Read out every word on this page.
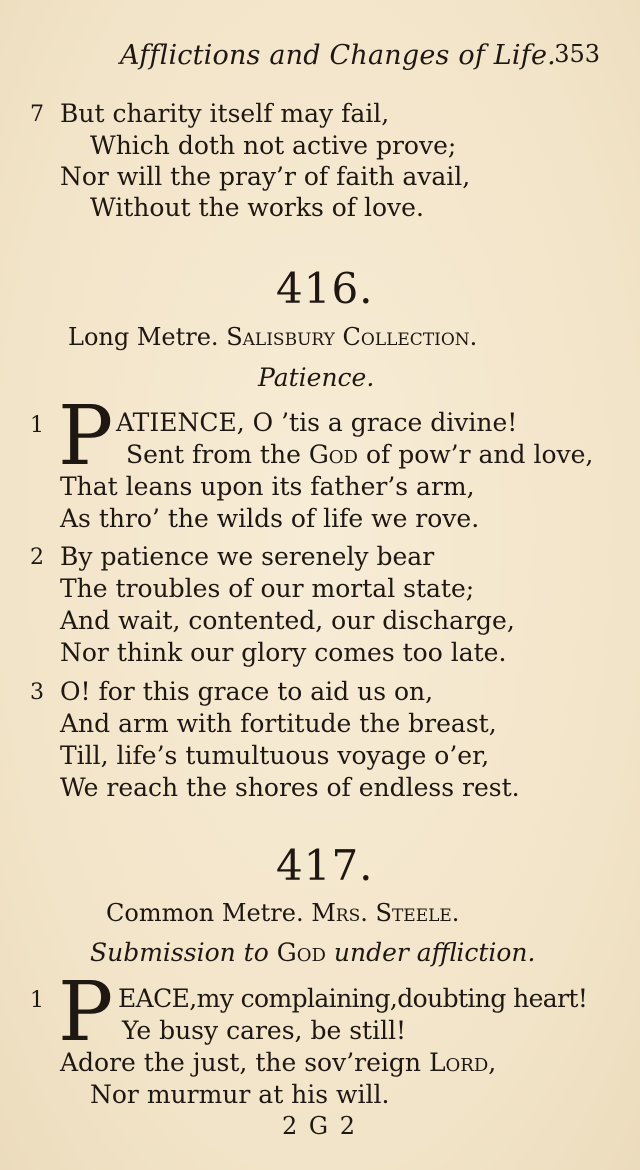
Afflictions and Changes of Life.
353
7 But charity itself may fail,
Which doth not active prove;
Nor will the pray’r of faith avail,
Without the works of love.
416.
Long Metre. Salisbury Collection.
Patience.
1 P ATIENCE, O ’tis a grace divine!
Sent from the God of pow’r and love,
That leans upon its father’s arm,
As thro’ the wilds of life we rove.
2 By patience we serenely bear
The troubles of our mortal state;
And wait, contented, our discharge,
Nor think our glory comes too late.
3 O! for this grace to aid us on,
And arm with fortitude the breast,
Till, life’s tumultuous voyage o’er,
We reach the shores of endless rest.
417.
Common Metre. Mrs. Steele.
Submission to God under affliction.
1 P EACE,my complaining,doubting heart!
Ye busy cares, be still!
Adore the just, the sov’reign Lord,
Nor murmur at his will.
2 G 2
